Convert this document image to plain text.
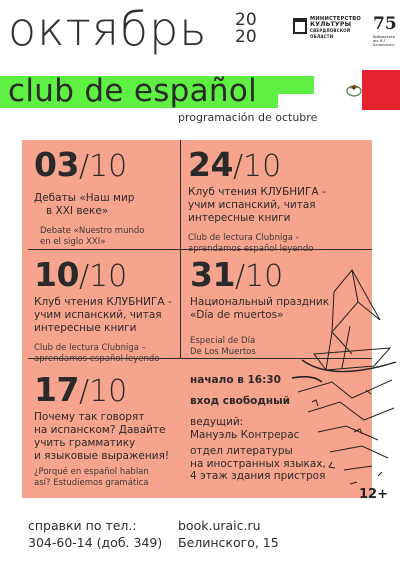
октябрь 20
20
МИНИСТЕРСТВО
КУЛЬТУРЫ
СВЕРДЛОВСКОЙ ОБЛАСТИ
75
Библиотека
им. В.Г. Белинского
club de español
programación de octubre
03/10
Дебаты «Наш мир
в XXI веке»
Debate «Nuestro mundo
en el siglo XXI»
24/10
Клуб чтения КЛУБНИГА -
учим испанский, читая
интересные книги
Club de lectura Clubniga -
aprendamos español leyendo
10/10
Клуб чтения КЛУБНИГА -
учим испанский, читая
интересные книги
Club de lectura Clubniga –
aprendamos español leyendo
31/10
Национальный праздник
«Día de muertos»
Especial de Día
De Los Muertos
17/10
Почему так говорят
на испанском? Давайте
учить грамматику
и языковые выражения!
¿Porqué en español hablan
así? Estudiemos gramática
начало в 16:30
вход свободный
ведущий:
Мануэль Контрерас
отдел литературы
на иностранных языках,
4 этаж здания пристроя
12+
справки по тел.:
304-60-14 (доб. 349)
book.uraic.ru
Белинского, 15
